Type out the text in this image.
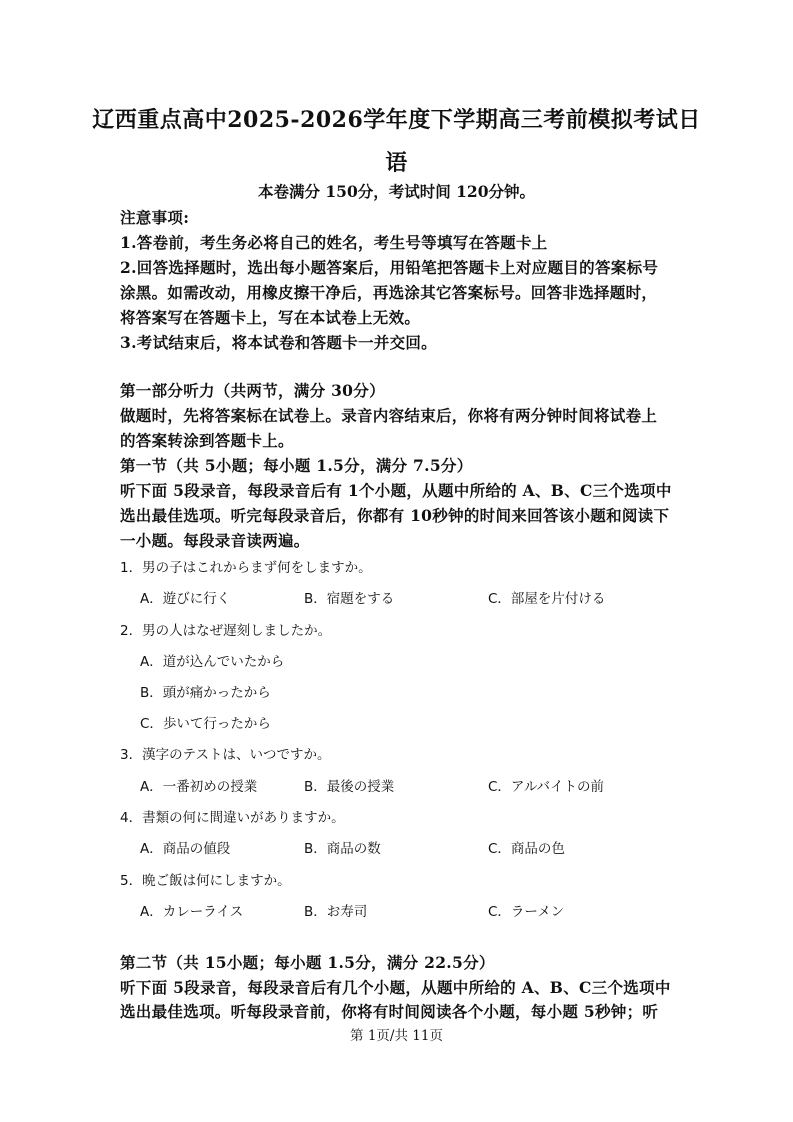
辽西重点高中2025-2026学年度下学期高三考前模拟考试日
语
本卷满分 150分，考试时间 120分钟。
注意事项:
1.答卷前，考生务必将自己的姓名，考生号等填写在答题卡上
2.回答选择题时，选出每小题答案后，用铅笔把答题卡上对应题目的答案标号
涂黑。如需改动，用橡皮擦干净后，再选涂其它答案标号。回答非选择题时，
将答案写在答题卡上，写在本试卷上无效。
3.考试结束后，将本试卷和答题卡一并交回。
第一部分听力（共两节，满分 30分）
做题时，先将答案标在试卷上。录音内容结束后，你将有两分钟时间将试卷上
的答案转涂到答题卡上。
第一节（共 5小题；每小题 1.5分，满分 7.5分）
听下面 5段录音，每段录音后有 1个小题，从题中所给的 A、B、C三个选项中
选出最佳选项。听完每段录音后，你都有 10秒钟的时间来回答该小题和阅读下
一小题。每段录音读两遍。
1．男の子はこれからまず何をしますか。
A．遊びに行く	B．宿題をする	C．部屋を片付ける
2．男の人はなぜ遅刻しましたか。
A．道が込んでいたから
B．頭が痛かったから
C．歩いて行ったから
3．漢字のテストは、いつですか。
A．一番初めの授業	B．最後の授業	C．アルバイトの前
4．書類の何に間違いがありますか。
A．商品の値段	B．商品の数	C．商品の色
5．晩ご飯は何にしますか。
A．カレーライス	B．お寿司	C．ラーメン
第二节（共 15小题；每小题 1.5分，满分 22.5分）
听下面 5段录音，每段录音后有几个小题，从题中所给的 A、B、C三个选项中
选出最佳选项。听每段录音前，你将有时间阅读各个小题，每小题 5秒钟；听
第 1页/共 11页
